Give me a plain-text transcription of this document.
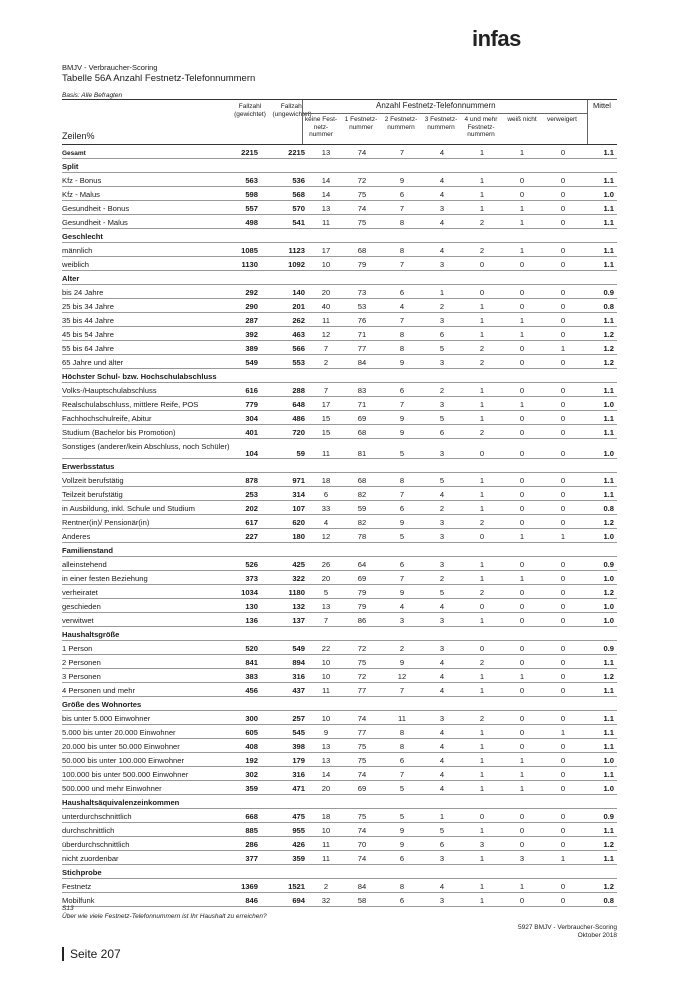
infas
BMJV - Verbraucher-Scoring
Tabelle 56A Anzahl Festnetz-Telefonnummern
Basis: Alle Befragten
Fallzahl (gewichtet)
Fallzahl (ungewichtet)
Anzahl Festnetz-Telefonnummern	Mittel
keine Fest-netz-nummer
1 Festnetz-nummer
2 Festnetz-nummern
3 Festnetz-nummern
4 und mehr Festnetz-nummern
weiß nicht	verweigert
Zeilen%
Gesamt	2215	2215	13	74	7	4	1	1	0	1.1
Split
Kfz - Bonus	563	536	14	72	9	4	1	0	0	1.1
Kfz - Malus	598	568	14	75	6	4	1	0	0	1.0
Gesundheit - Bonus	557	570	13	74	7	3	1	1	0	1.1
Gesundheit - Malus	498	541	11	75	8	4	2	1	0	1.1
Geschlecht
männlich	1085	1123	17	68	8	4	2	1	0	1.1
weiblich	1130	1092	10	79	7	3	0	0	0	1.1
Alter
bis 24 Jahre	292	140	20	73	6	1	0	0	0	0.9
25 bis 34 Jahre	290	201	40	53	4	2	1	0	0	0.8
35 bis 44 Jahre	287	262	11	76	7	3	1	1	0	1.1
45 bis 54 Jahre	392	463	12	71	8	6	1	1	0	1.2
55 bis 64 Jahre	389	566	7	77	8	5	2	0	1	1.2
65 Jahre und älter	549	553	2	84	9	3	2	0	0	1.2
Höchster Schul- bzw. Hochschulabschluss
Volks-/Hauptschulabschluss	616	288	7	83	6	2	1	0	0	1.1
Realschulabschluss, mittlere Reife, POS	779	648	17	71	7	3	1	1	0	1.0
Fachhochschulreife, Abitur	304	486	15	69	9	5	1	0	0	1.1
Studium (Bachelor bis Promotion)	401	720	15	68	9	6	2	0	0	1.1
Sonstiges (anderer/kein Abschluss, noch Schüler)
104	59	11	81	5	3	0	0	0	1.0
Erwerbsstatus
Vollzeit berufstätig	878	971	18	68	8	5	1	0	0	1.1
Teilzeit berufstätig	253	314	6	82	7	4	1	0	0	1.1
in Ausbildung, inkl. Schule und Studium	202	107	33	59	6	2	1	0	0	0.8
Rentner(in)/ Pensionär(in)	617	620	4	82	9	3	2	0	0	1.2
Anderes	227	180	12	78	5	3	0	1	1	1.0
Familienstand
alleinstehend	526	425	26	64	6	3	1	0	0	0.9
in einer festen Beziehung	373	322	20	69	7	2	1	1	0	1.0
verheiratet	1034	1180	5	79	9	5	2	0	0	1.2
geschieden	130	132	13	79	4	4	0	0	0	1.0
verwitwet	136	137	7	86	3	3	1	0	0	1.0
Haushaltsgröße
1 Person	520	549	22	72	2	3	0	0	0	0.9
2 Personen	841	894	10	75	9	4	2	0	0	1.1
3 Personen	383	316	10	72	12	4	1	1	0	1.2
4 Personen und mehr	456	437	11	77	7	4	1	0	0	1.1
Größe des Wohnortes
bis unter 5.000 Einwohner	300	257	10	74	11	3	2	0	0	1.1
5.000 bis unter 20.000 Einwohner	605	545	9	77	8	4	1	0	1	1.1
20.000 bis unter 50.000 Einwohner	408	398	13	75	8	4	1	0	0	1.1
50.000 bis unter 100.000 Einwohner	192	179	13	75	6	4	1	1	0	1.0
100.000 bis unter 500.000 Einwohner	302	316	14	74	7	4	1	1	0	1.1
500.000 und mehr Einwohner	359	471	20	69	5	4	1	1	0	1.0
Haushaltsäquivalenzeinkommen
unterdurchschnittlich	668	475	18	75	5	1	0	0	0	0.9
durchschnittlich	885	955	10	74	9	5	1	0	0	1.1
überdurchschnittlich	286	426	11	70	9	6	3	0	0	1.2
nicht zuordenbar	377	359	11	74	6	3	1	3	1	1.1
Stichprobe
Festnetz	1369	1521	2	84	8	4	1	1	0	1.2
Mobilfunk	846	694	32	58	6	3	1	0	0	0.8
S13
Über wie viele Festnetz-Telefonnummern ist Ihr Haushalt zu erreichen?
5927 BMJV - Verbraucher-Scoring
Oktober 2018
Seite 207
